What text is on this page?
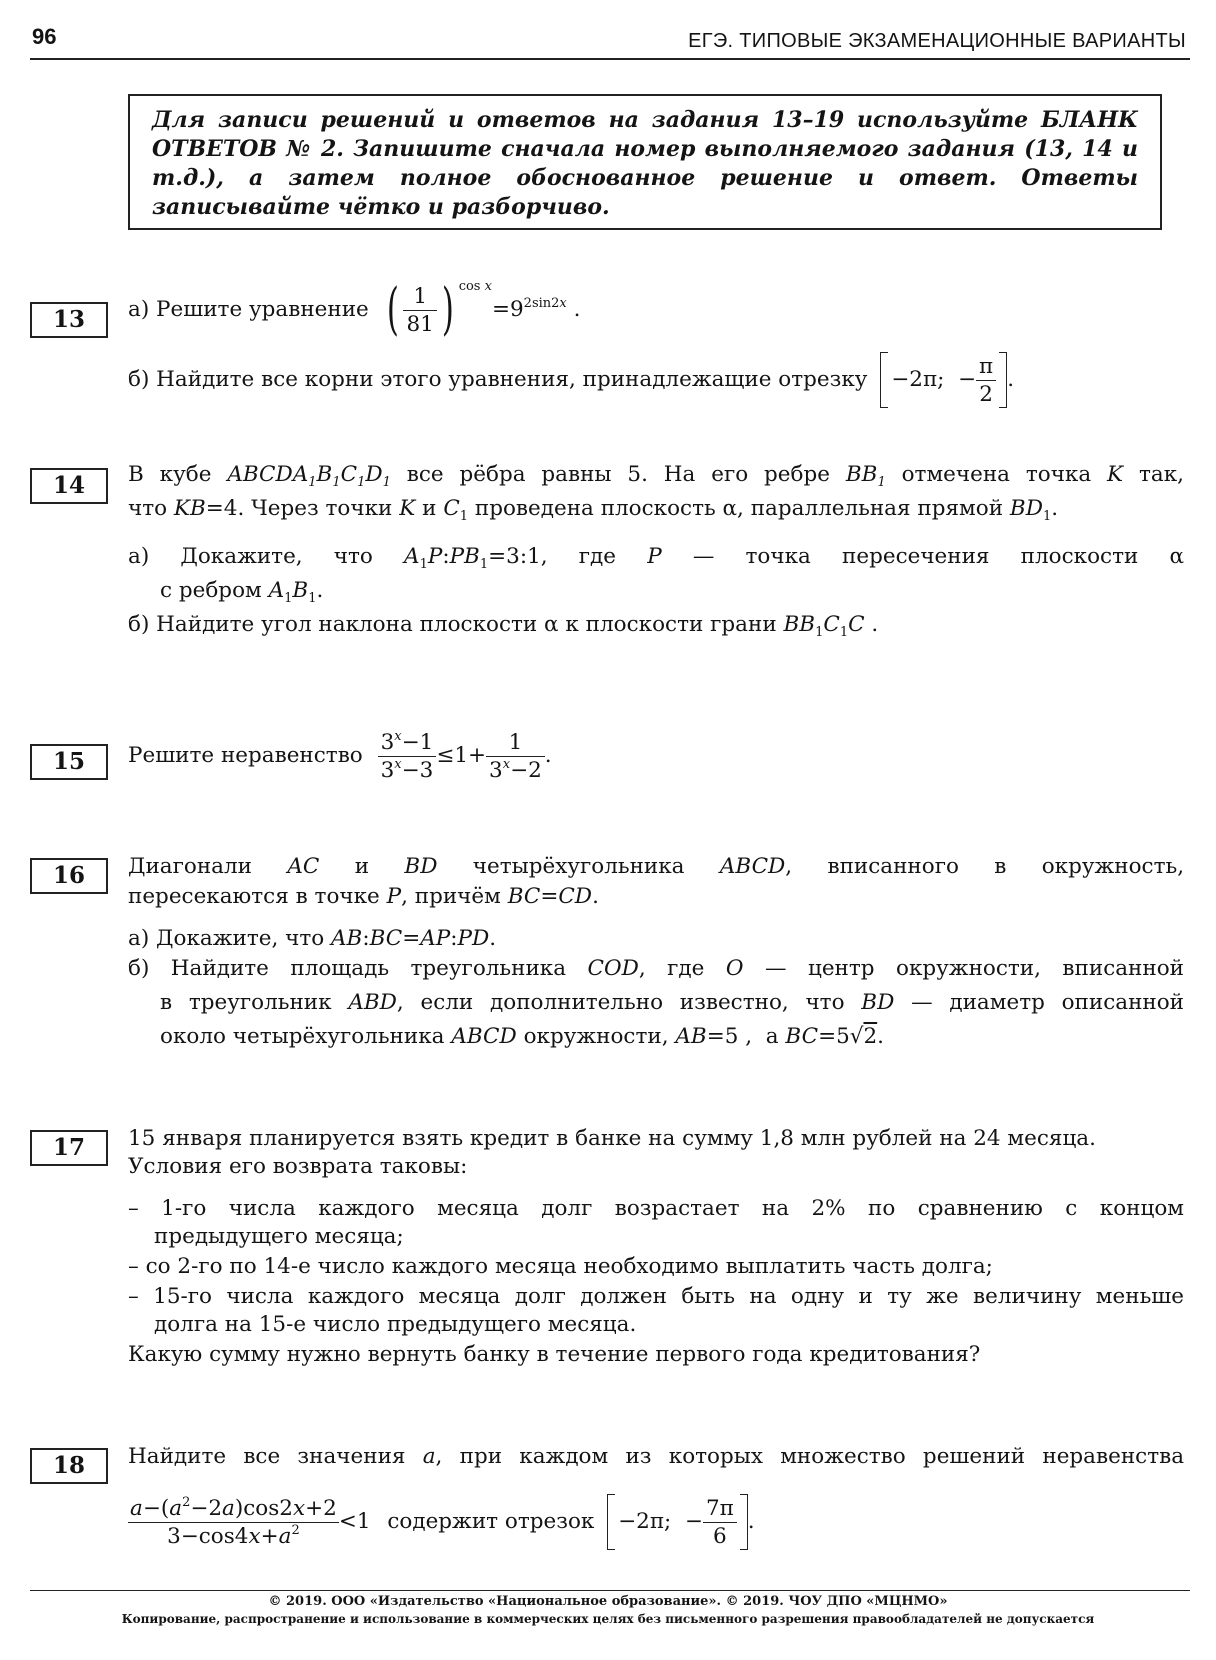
96	ЕГЭ. ТИПОВЫЕ ЭКЗАМЕНАЦИОННЫЕ ВАРИАНТЫ
Для записи решений и ответов на задания 13–19 используйте БЛАНК ОТВЕТОВ № 2. Запишите сначала номер выполняемого задания (13, 14 и т.д.), а затем полное обоснованное решение и ответ. Ответы записывайте чётко и разборчиво.
13	а) Решите уравнение ( $\frac{1}{81}$ ) $^{cos x}=9^{2sin2x}$ .
б) Найдите все корни этого уравнения, принадлежащие отрезку −2π;  − $\frac{\pi}{2}$ .
14	В кубе $ABCDA_1B_1C_1D_1$ все рёбра равны 5. На его ребре $BB_1$ отмечена точка K так,
что KB=4. Через точки K и $C_1$ проведена плоскость α, параллельная прямой $BD_1$.
а) Докажите, что $A_1P:PB_1=3:1$, где P — точка пересечения плоскости α
с ребром $A_1B_1$.
б) Найдите угол наклона плоскости α к плоскости грани $BB_1C_1C$ .
15	Решите неравенство $\frac{3^x-1}{3^x-3} \le 1+ \frac{1}{3^x-2}$ .
16	Диагонали AC и BD четырёхугольника ABCD, вписанного в окружность,
пересекаются в точке P, причём BC=CD.
а) Докажите, что AB:BC=AP:PD.
б) Найдите площадь треугольника COD, где O — центр окружности, вписанной
в треугольник ABD, если дополнительно известно, что BD — диаметр описанной
около четырёхугольника ABCD окружности, AB=5 ,  а BC=5√2.
17	15 января планируется взять кредит в банке на сумму 1,8 млн рублей на 24 месяца.
Условия его возврата таковы:
– 1-го числа каждого месяца долг возрастает на 2% по сравнению с концом
предыдущего месяца;
– со 2-го по 14-е число каждого месяца необходимо выплатить часть долга;
– 15-го числа каждого месяца долг должен быть на одну и ту же величину меньше
долга на 15-е число предыдущего месяца.
Какую сумму нужно вернуть банку в течение первого года кредитования?
18	Найдите все значения a, при каждом из которых множество решений неравенства
$\frac{a-(a^2-2a)\cos 2x+2}{3-\cos 4x+a^2} <1$ содержит отрезок −2π;  − $\frac{7\pi}{6}$ .
© 2019. ООО «Издательство «Национальное образование». © 2019. ЧОУ ДПО «МЦНМО»
Копирование, распространение и использование в коммерческих целях без письменного разрешения правообладателей не допускается
